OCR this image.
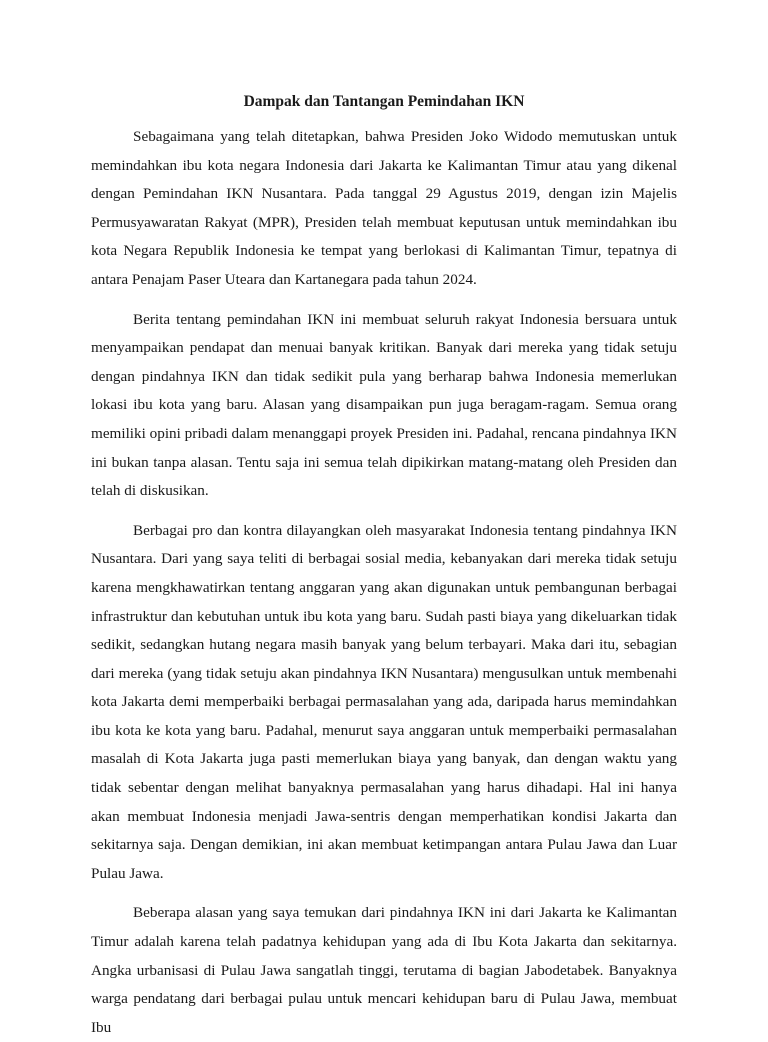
Dampak dan Tantangan Pemindahan IKN

Sebagaimana yang telah ditetapkan, bahwa Presiden Joko Widodo memutuskan untuk memindahkan ibu kota negara Indonesia dari Jakarta ke Kalimantan Timur atau yang dikenal dengan Pemindahan IKN Nusantara. Pada tanggal 29 Agustus 2019, dengan izin Majelis Permusyawaratan Rakyat (MPR), Presiden telah membuat keputusan untuk memindahkan ibu kota Negara Republik Indonesia ke tempat yang berlokasi di Kalimantan Timur, tepatnya di antara Penajam Paser Uteara dan Kartanegara pada tahun 2024.

Berita tentang pemindahan IKN ini membuat seluruh rakyat Indonesia bersuara untuk menyampaikan pendapat dan menuai banyak kritikan. Banyak dari mereka yang tidak setuju dengan pindahnya IKN dan tidak sedikit pula yang berharap bahwa Indonesia memerlukan lokasi ibu kota yang baru. Alasan yang disampaikan pun juga beragam-ragam. Semua orang memiliki opini pribadi dalam menanggapi proyek Presiden ini. Padahal, rencana pindahnya IKN ini bukan tanpa alasan. Tentu saja ini semua telah dipikirkan matang-matang oleh Presiden dan telah di diskusikan.

Berbagai pro dan kontra dilayangkan oleh masyarakat Indonesia tentang pindahnya IKN Nusantara. Dari yang saya teliti di berbagai sosial media, kebanyakan dari mereka tidak setuju karena mengkhawatirkan tentang anggaran yang akan digunakan untuk pembangunan berbagai infrastruktur dan kebutuhan untuk ibu kota yang baru. Sudah pasti biaya yang dikeluarkan tidak sedikit, sedangkan hutang negara masih banyak yang belum terbayari. Maka dari itu, sebagian dari mereka (yang tidak setuju akan pindahnya IKN Nusantara) mengusulkan untuk membenahi kota Jakarta demi memperbaiki berbagai permasalahan yang ada, daripada harus memindahkan ibu kota ke kota yang baru. Padahal, menurut saya anggaran untuk memperbaiki permasalahan masalah di Kota Jakarta juga pasti memerlukan biaya yang banyak, dan dengan waktu yang tidak sebentar dengan melihat banyaknya permasalahan yang harus dihadapi. Hal ini hanya akan membuat Indonesia menjadi Jawa-sentris dengan memperhatikan kondisi Jakarta dan sekitarnya saja. Dengan demikian, ini akan membuat ketimpangan antara Pulau Jawa dan Luar Pulau Jawa.

Beberapa alasan yang saya temukan dari pindahnya IKN ini dari Jakarta ke Kalimantan Timur adalah karena telah padatnya kehidupan yang ada di Ibu Kota Jakarta dan sekitarnya. Angka urbanisasi di Pulau Jawa sangatlah tinggi, terutama di bagian Jabodetabek. Banyaknya warga pendatang dari berbagai pulau untuk mencari kehidupan baru di Pulau Jawa, membuat Ibu
